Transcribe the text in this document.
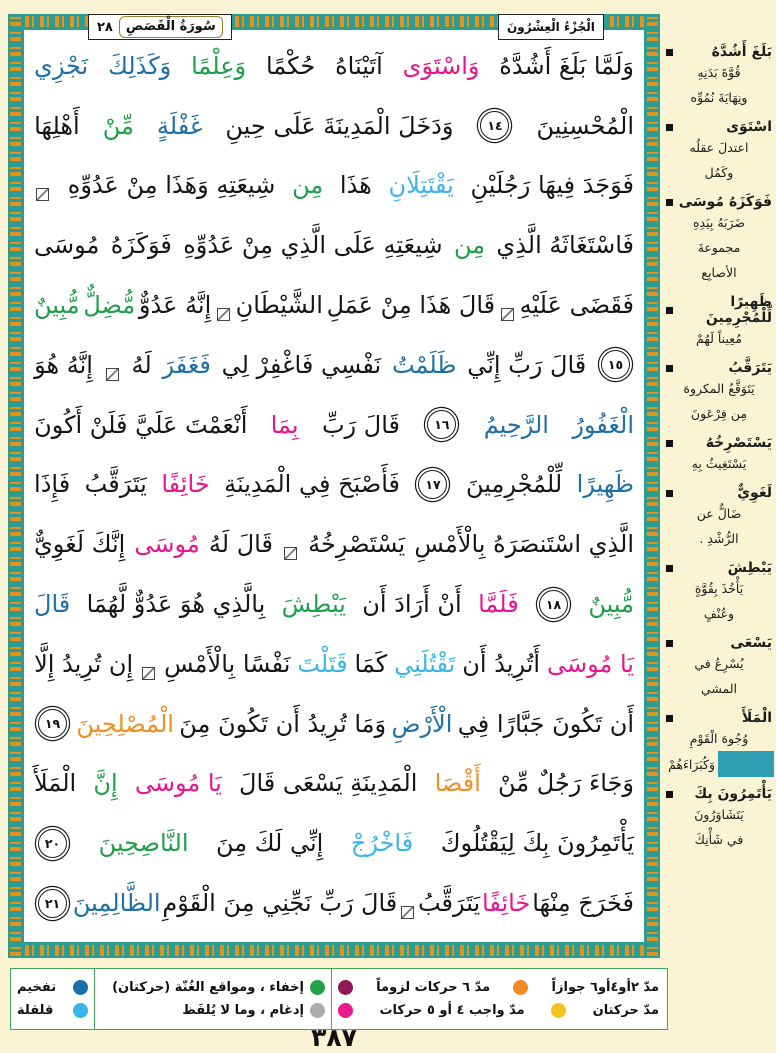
سُورَةُ الْقَصَصِ
٢٨	الْجُزْءُ الْعِشْرُونَ
وَلَمَّا بَلَغَ أَشُدَّهُ
وَاسْتَوَى
آتَيْنَاهُ
حُكْمًا
وَعِلْمًا
وَكَذَلِكَ
نَجْزِي
الْمُحْسِنِينَ
١٤
وَدَخَلَ الْمَدِينَةَ عَلَى حِينِ
غَفْلَةٍ
مِّنْ
أَهْلِهَا
فَوَجَدَ فِيهَا رَجُلَيْنِ
يَقْتَتِلَانِ
هَذَا
مِن
شِيعَتِهِ وَهَذَا مِنْ عَدُوِّهِ
فَاسْتَغَاثَهُ الَّذِي
مِن
شِيعَتِهِ عَلَى الَّذِي مِنْ عَدُوِّهِ
فَوَكَزَهُ
مُوسَى
فَقَضَى عَلَيْهِ
قَالَ هَذَا مِنْ عَمَلِ
الشَّيْطَانِ
إِنَّهُ عَدُوٌّ
مُّضِلٌّ
مُّبِينٌ
١٥
قَالَ رَبِّ إِنِّي
ظَلَمْتُ
نَفْسِي فَاغْفِرْ لِي
فَغَفَرَ
لَهُ
إِنَّهُ هُوَ
الْغَفُورُ
الرَّحِيمُ
١٦
قَالَ رَبِّ
بِمَا
أَنْعَمْتَ عَلَيَّ فَلَنْ أَكُونَ
ظَهِيرًا
لِّلْمُجْرِمِينَ
١٧
فَأَصْبَحَ فِي الْمَدِينَةِ
خَائِفًا
يَتَرَقَّبُ
فَإِذَا
الَّذِي اسْتَنصَرَهُ بِالْأَمْسِ
يَسْتَصْرِخُهُ
قَالَ لَهُ
مُوسَى
إِنَّكَ لَغَوِيٌّ
مُّبِينٌ
١٨
فَلَمَّا
أَنْ أَرَادَ أَن
يَبْطِشَ
بِالَّذِي هُوَ عَدُوٌّ لَّهُمَا
قَالَ
يَا مُوسَى
أَتُرِيدُ أَن
تَقْتُلَنِي
كَمَا
قَتَلْتَ
نَفْسًا بِالْأَمْسِ
إِن تُرِيدُ إِلَّا
أَن تَكُونَ جَبَّارًا فِي
الْأَرْضِ
وَمَا تُرِيدُ أَن تَكُونَ مِنَ
الْمُصْلِحِينَ
١٩
وَجَاءَ رَجُلٌ مِّنْ
أَقْصَا
الْمَدِينَةِ يَسْعَى قَالَ
يَا مُوسَى
إِنَّ
الْمَلَأَ
يَأْتَمِرُونَ بِكَ لِيَقْتُلُوكَ
فَاخْرُجْ
إِنِّي لَكَ مِنَ
النَّاصِحِينَ
٢٠
فَخَرَجَ مِنْهَا
خَائِفًا
يَتَرَقَّبُ
قَالَ رَبِّ نَجِّنِي مِنَ الْقَوْمِ
الظَّالِمِينَ
٢١
بَلَغَ أَشُدَّهُ
قُوَّةَ بَدَنِهِ
ونِهَايَةَ نُمُوِّه
اسْتَوَى
اعتدلَ عقلُه
وكَمُل
فَوَكَزَهُ مُوسَى
ضَرَبَهُ بِيَدِهِ
مجموعةَ
الأصابِع
ظَهِيرًا لِّلْمُجْرِمِينَ
مُعِيناً لَهُمْ
يَتَرَقَّبُ
يَتَوَقَّعُ المكروهَ
مِن فِرْعَونَ
يَسْتَصْرِخُهُ
يَسْتَغِيثُ بِهِ
لَغَوِيٌّ
ضَالٌّ عن
الرُّشْدِ .
يَبْطِشَ
يَأْخُذَ بِقُوَّةٍ
وعُنْفٍ
يَسْعَى
يُسْرِعُ في
المشي
الْمَلَأَ
وُجُوهَ الْقَوْمِ
وَكُبَرَاءَهُمْ
يَأْتَمِرُونَ بِكَ
يَتَشَاوَرُونَ
في شَأْنِكَ
تفخيم
قلقلة
إخفاء ، ومواقع الغُنّة (حركتان)
إدغام ، وما لا يُلفَظ
مدّ ٦ حركات لزوماً	مدّ ٢أو٤أو٦ جوازاً
مدّ واجب ٤ أو ٥ حركات	مدّ حركتان
٣٨٧
